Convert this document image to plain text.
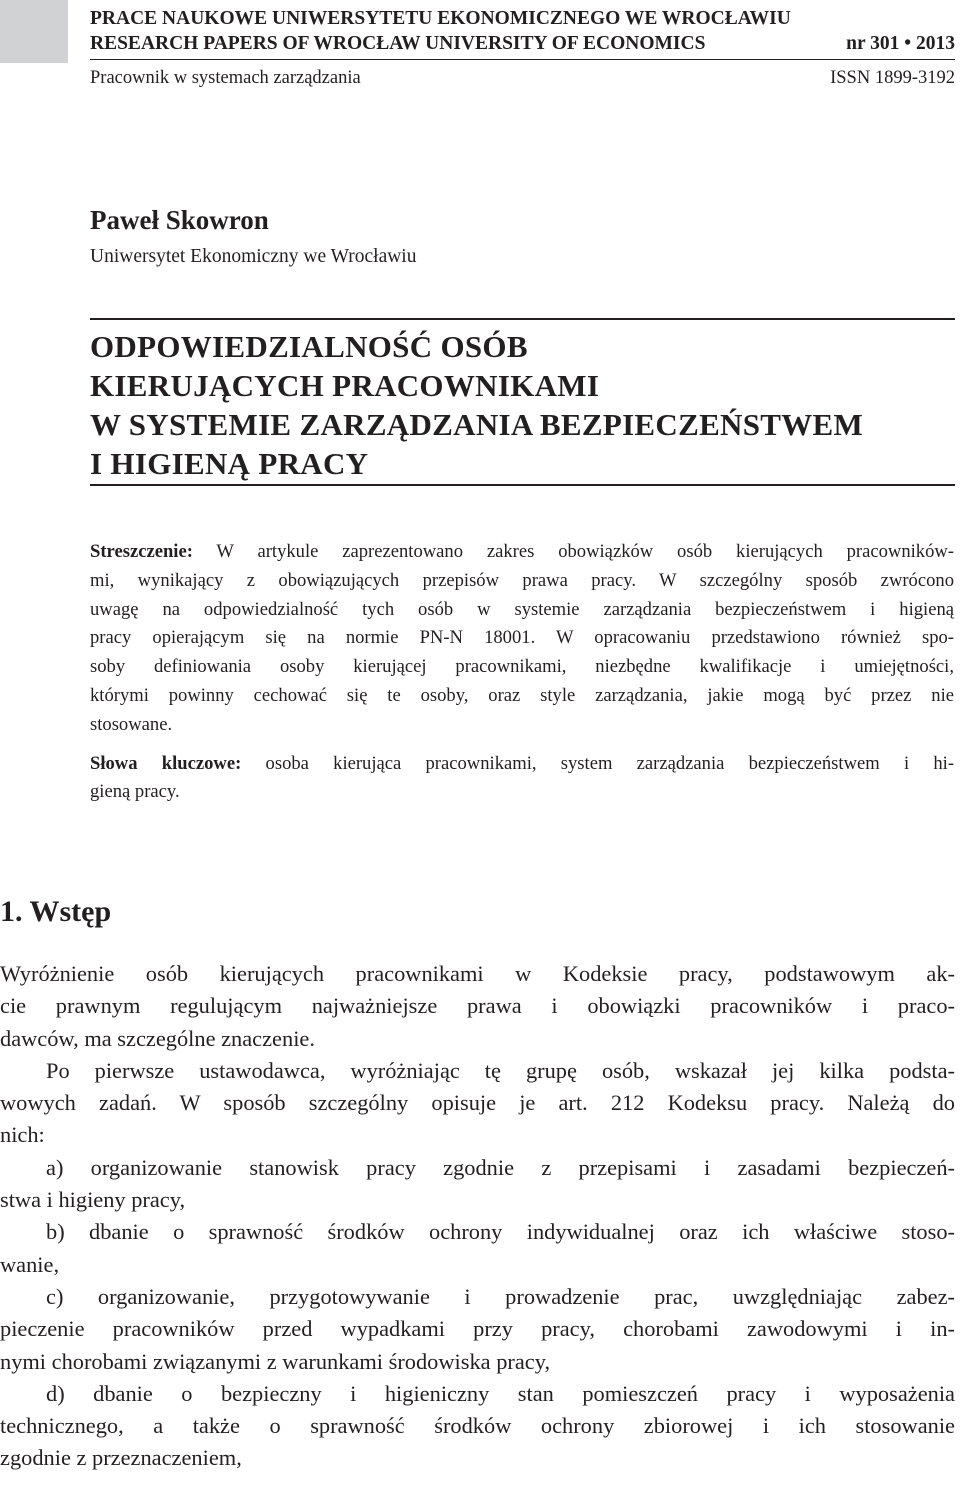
PRACE NAUKOWE UNIWERSYTETU EKONOMICZNEGO WE WROCŁAWIU

RESEARCH PAPERS OF WROCŁAW UNIVERSITY OF ECONOMICS	nr 301 • 2013

Pracownik w systemach zarządzania	ISSN 1899-3192

Paweł Skowron

Uniwersytet Ekonomiczny we Wrocławiu

ODPOWIEDZIALNOŚĆ OSÓB
KIERUJĄCYCH PRACOWNIKAMI
W SYSTEMIE ZARZĄDZANIA BEZPIECZEŃSTWEM
I HIGIENĄ PRACY
Streszczenie: W artykule zaprezentowano zakres obowiązków osób kierujących pracowników-
mi, wynikający z obowiązujących przepisów prawa pracy. W szczególny sposób zwrócono
uwagę na odpowiedzialność tych osób w systemie zarządzania bezpieczeństwem i higieną
pracy opierającym się na normie PN-N 18001. W opracowaniu przedstawiono również spo-
soby definiowania osoby kierującej pracownikami, niezbędne kwalifikacje i umiejętności,
którymi powinny cechować się te osoby, oraz style zarządzania, jakie mogą być przez nie
stosowane.
Słowa kluczowe: osoba kierująca pracownikami, system zarządzania bezpieczeństwem i hi-
gieną pracy.
1. Wstęp
Wyróżnienie osób kierujących pracownikami w Kodeksie pracy, podstawowym ak-
cie prawnym regulującym najważniejsze prawa i obowiązki pracowników i praco-
dawców, ma szczególne znaczenie.
Po pierwsze ustawodawca, wyróżniając tę grupę osób, wskazał jej kilka podsta-
wowych zadań. W sposób szczególny opisuje je art. 212 Kodeksu pracy. Należą do
nich:
a) organizowanie stanowisk pracy zgodnie z przepisami i zasadami bezpieczeń-
stwa i higieny pracy,
b) dbanie o sprawność środków ochrony indywidualnej oraz ich właściwe stoso-
wanie,
c) organizowanie, przygotowywanie i prowadzenie prac, uwzględniając zabez-
pieczenie pracowników przed wypadkami przy pracy, chorobami zawodowymi i in-
nymi chorobami związanymi z warunkami środowiska pracy,
d) dbanie o bezpieczny i higieniczny stan pomieszczeń pracy i wyposażenia
technicznego, a także o sprawność środków ochrony zbiorowej i ich stosowanie
zgodnie z przeznaczeniem,
